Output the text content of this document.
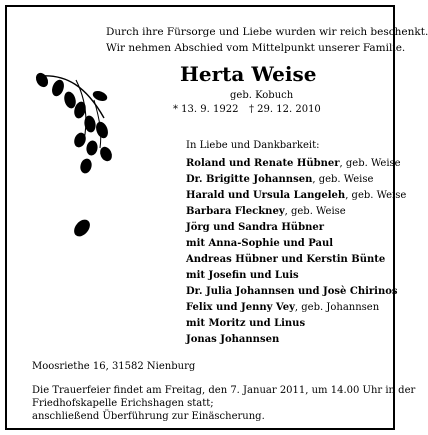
Durch ihre Fürsorge und Liebe wurden wir reich beschenkt.
Wir nehmen Abschied vom Mittelpunkt unserer Familie.
Herta Weise
geb. Kobuch
* 13. 9. 1922 † 29. 12. 2010
In Liebe und Dankbarkeit:
Roland und Renate Hübner, geb. Weise
Dr. Brigitte Johannsen, geb. Weise
Harald und Ursula Langeleh, geb. Weise
Barbara Fleckney, geb. Weise
Jörg und Sandra Hübner
mit Anna-Sophie und Paul
Andreas Hübner und Kerstin Bünte
mit Josefin und Luis
Dr. Julia Johannsen und Josè Chirinos
Felix und Jenny Vey, geb. Johannsen
mit Moritz und Linus
Jonas Johannsen
Moosriethe 16, 31582 Nienburg
Die Trauerfeier findet am Freitag, den 7. Januar 2011, um 14.00 Uhr in der
Friedhofskapelle Erichshagen statt;
anschließend Überführung zur Einäscherung.
